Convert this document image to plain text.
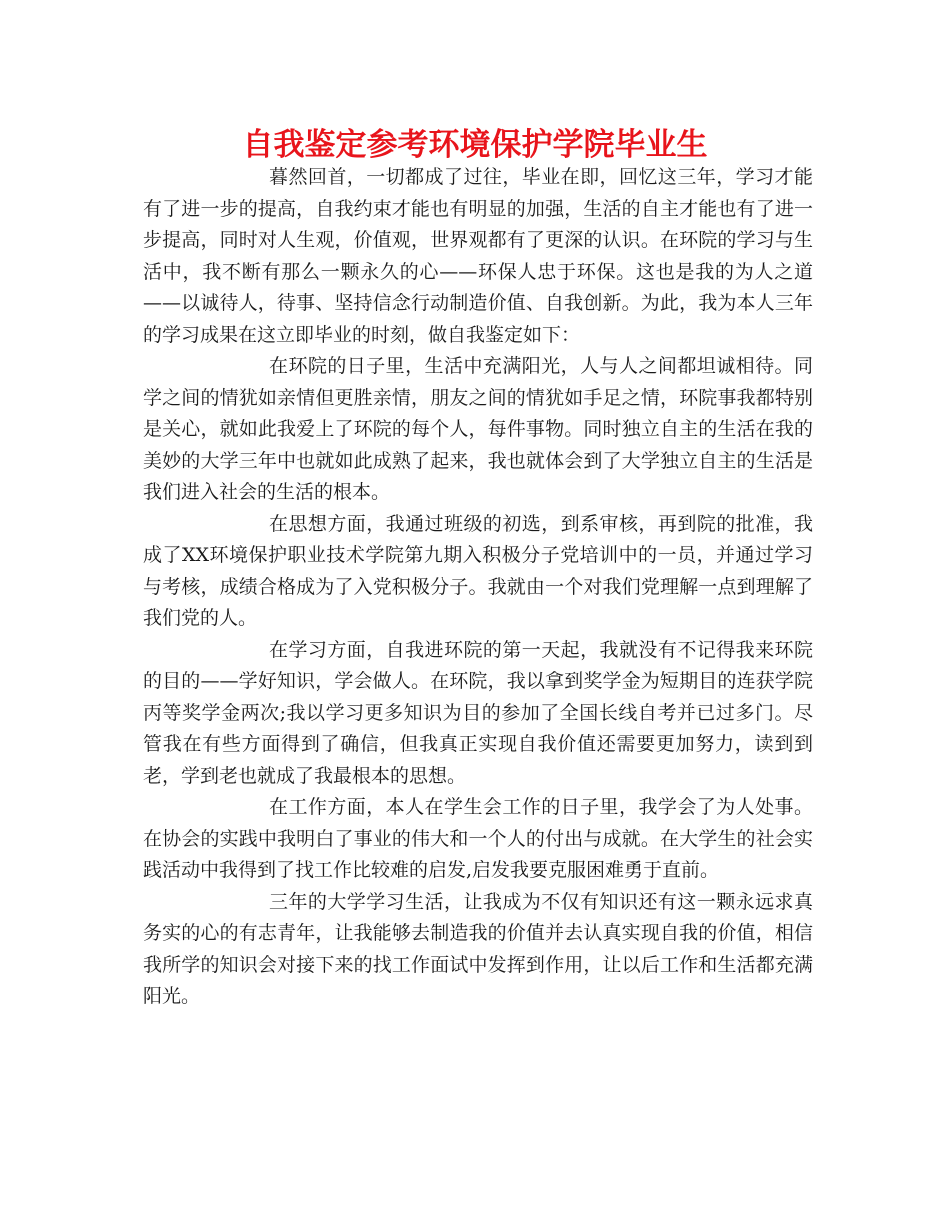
自我鉴定参考环境保护学院毕业生

暮然回首，一切都成了过往，毕业在即，回忆这三年，学习才能有了进一步的提高，自我约束才能也有明显的加强，生活的自主才能也有了进一步提高，同时对人生观，价值观，世界观都有了更深的认识。在环院的学习与生活中，我不断有那么一颗永久的心——环保人忠于环保。这也是我的为人之道——以诚待人，待事、坚持信念行动制造价值、自我创新。为此，我为本人三年的学习成果在这立即毕业的时刻，做自我鉴定如下：

在环院的日子里，生活中充满阳光，人与人之间都坦诚相待。同学之间的情犹如亲情但更胜亲情，朋友之间的情犹如手足之情，环院事我都特别是关心，就如此我爱上了环院的每个人，每件事物。同时独立自主的生活在我的美妙的大学三年中也就如此成熟了起来，我也就体会到了大学独立自主的生活是我们进入社会的生活的根本。

在思想方面，我通过班级的初选，到系审核，再到院的批准，我成了XX环境保护职业技术学院第九期入积极分子党培训中的一员，并通过学习与考核，成绩合格成为了入党积极分子。我就由一个对我们党理解一点到理解了我们党的人。

在学习方面，自我进环院的第一天起，我就没有不记得我来环院的目的——学好知识，学会做人。在环院，我以拿到奖学金为短期目的连获学院丙等奖学金两次;我以学习更多知识为目的参加了全国长线自考并已过多门。尽管我在有些方面得到了确信，但我真正实现自我价值还需要更加努力，读到到老，学到老也就成了我最根本的思想。

在工作方面，本人在学生会工作的日子里，我学会了为人处事。在协会的实践中我明白了事业的伟大和一个人的付出与成就。在大学生的社会实践活动中我得到了找工作比较难的启发,启发我要克服困难勇于直前。

三年的大学学习生活，让我成为不仅有知识还有这一颗永远求真务实的心的有志青年，让我能够去制造我的价值并去认真实现自我的价值，相信我所学的知识会对接下来的找工作面试中发挥到作用，让以后工作和生活都充满阳光。
